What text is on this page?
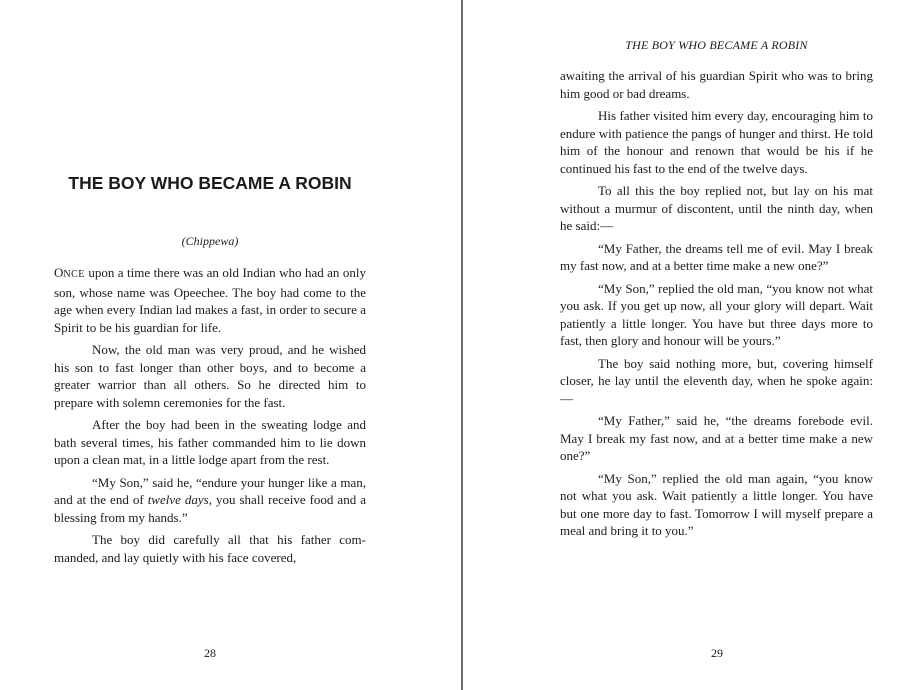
THE BOY WHO BECAME A ROBIN
(Chippewa)

ONCE upon a time there was an old Indian who had an only son, whose name was Opeechee. The boy had come to the age when every Indian lad makes a fast, in order to secure a Spirit to be his guardian for life.

Now, the old man was very proud, and he wished his son to fast longer than other boys, and to become a greater warrior than all others. So he directed him to prepare with solemn ceremonies for the fast.

After the boy had been in the sweating lodge and bath several times, his father commanded him to lie down upon a clean mat, in a little lodge apart from the rest.

“My Son,” said he, “endure your hunger like a man, and at the end of twelve days, you shall receive food and a blessing from my hands.”

The boy did carefully all that his father com-manded, and lay quietly with his face covered,

28
THE BOY WHO BECAME A ROBIN

awaiting the arrival of his guardian Spirit who was to bring him good or bad dreams.

His father visited him every day, encouraging him to endure with patience the pangs of hunger and thirst. He told him of the honour and renown that would be his if he continued his fast to the end of the twelve days.

To all this the boy replied not, but lay on his mat without a murmur of discontent, until the ninth day, when he said:—

“My Father, the dreams tell me of evil. May I break my fast now, and at a better time make a new one?”

“My Son,” replied the old man, “you know not what you ask. If you get up now, all your glory will depart. Wait patiently a little longer. You have but three days more to fast, then glory and honour will be yours.”

The boy said nothing more, but, covering himself closer, he lay until the eleventh day, when he spoke again:—

“My Father,” said he, “the dreams forebode evil. May I break my fast now, and at a better time make a new one?”

“My Son,” replied the old man again, “you know not what you ask. Wait patiently a little longer. You have but one more day to fast. Tomorrow I will myself prepare a meal and bring it to you.”

29
